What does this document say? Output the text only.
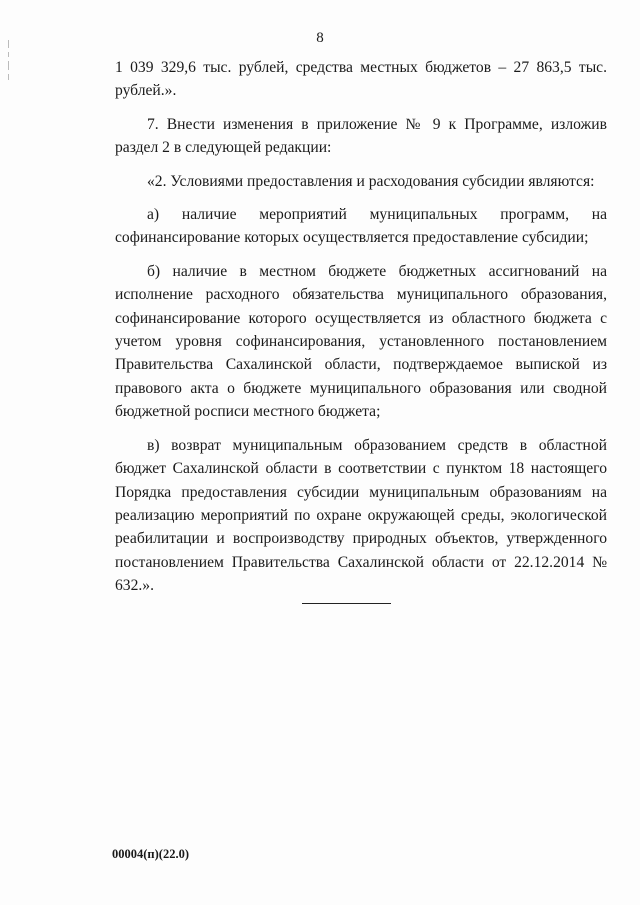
8

1 039 329,6 тыс. рублей, средства местных бюджетов – 27 863,5 тыс. рублей.».

7. Внести изменения в приложение № 9 к Программе, изложив раздел 2 в следующей редакции:

«2. Условиями предоставления и расходования субсидии являются:

а) наличие мероприятий муниципальных программ, на софинансирование которых осуществляется предоставление субсидии;

б) наличие в местном бюджете бюджетных ассигнований на исполнение расходного обязательства муниципального образования, софинансирование которого осуществляется из областного бюджета с учетом уровня софинансирования, установленного постановлением Правительства Сахалинской области, подтверждаемое выпиской из правового акта о бюджете муниципального образования или сводной бюджетной росписи местного бюджета;

в) возврат муниципальным образованием средств в областной бюджет Сахалинской области в соответствии с пунктом 18 настоящего Порядка предоставления субсидии муниципальным образованиям на реализацию мероприятий по охране окружающей среды, экологической реабилитации и воспроизводству природных объектов, утвержденного постановлением Правительства Сахалинской области от 22.12.2014 № 632.».

00004(п)(22.0)
